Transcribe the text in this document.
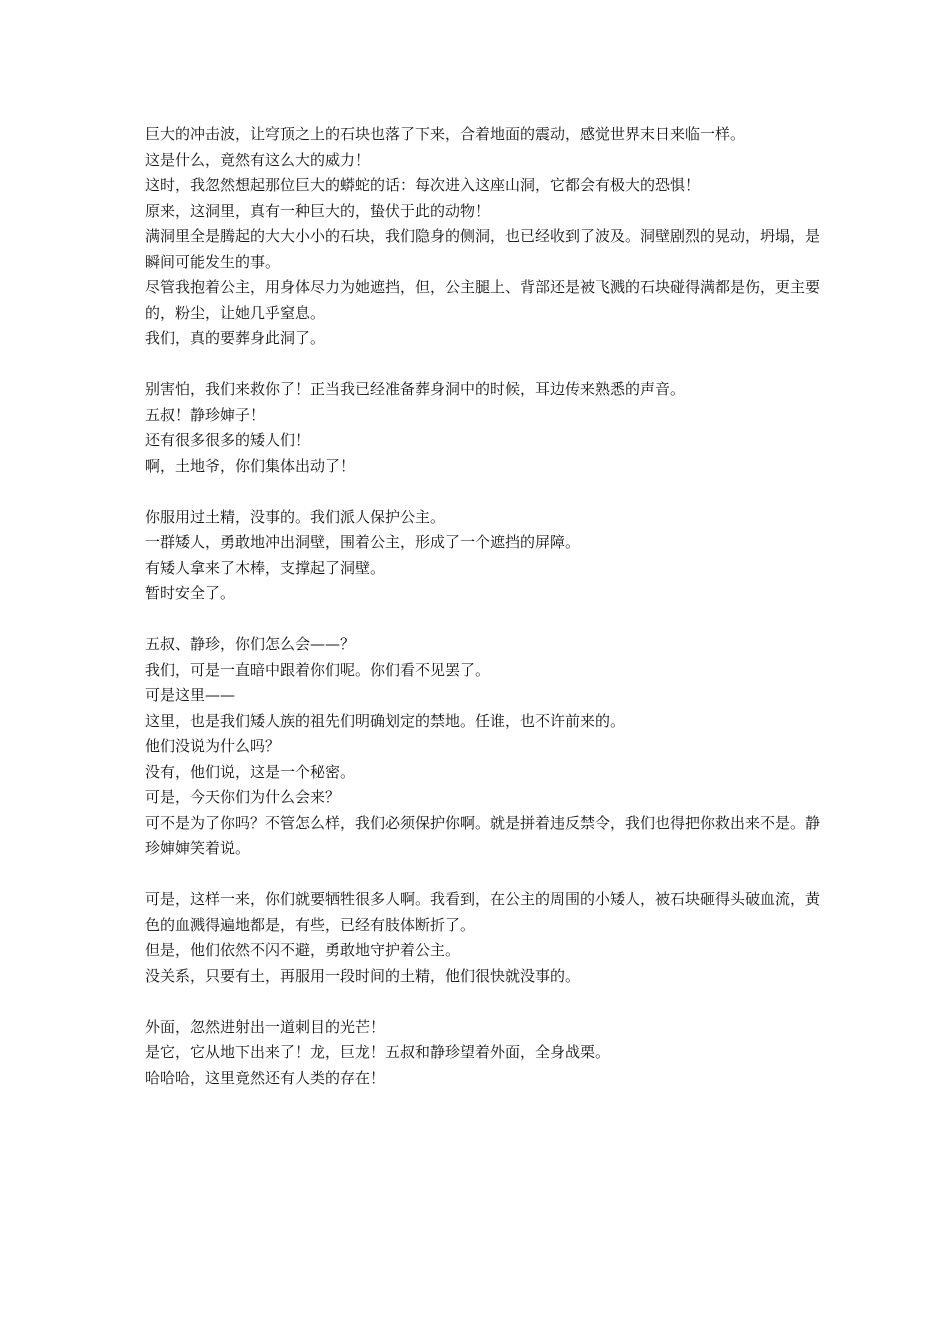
巨大的冲击波，让穹顶之上的石块也落了下来，合着地面的震动，感觉世界末日来临一样。

这是什么，竟然有这么大的威力！

这时，我忽然想起那位巨大的蟒蛇的话：每次进入这座山洞，它都会有极大的恐惧！

原来，这洞里，真有一种巨大的，蛰伏于此的动物！

满洞里全是腾起的大大小小的石块，我们隐身的侧洞，也已经收到了波及。洞壁剧烈的晃动，坍塌，是瞬间可能发生的事。

尽管我抱着公主，用身体尽力为她遮挡，但，公主腿上、背部还是被飞溅的石块碰得满都是伤，更主要的，粉尘，让她几乎窒息。

我们，真的要葬身此洞了。

别害怕，我们来救你了！正当我已经准备葬身洞中的时候，耳边传来熟悉的声音。

五叔！静珍婶子！

还有很多很多的矮人们！

啊，土地爷，你们集体出动了！

你服用过土精，没事的。我们派人保护公主。

一群矮人，勇敢地冲出洞壁，围着公主，形成了一个遮挡的屏障。

有矮人拿来了木棒，支撑起了洞壁。

暂时安全了。

五叔、静珍，你们怎么会——？

我们，可是一直暗中跟着你们呢。你们看不见罢了。

可是这里——

这里，也是我们矮人族的祖先们明确划定的禁地。任谁，也不许前来的。

他们没说为什么吗？

没有，他们说，这是一个秘密。

可是，今天你们为什么会来？

可不是为了你吗？不管怎么样，我们必须保护你啊。就是拼着违反禁令，我们也得把你救出来不是。静珍婶婶笑着说。

可是，这样一来，你们就要牺牲很多人啊。我看到，在公主的周围的小矮人，被石块砸得头破血流，黄色的血溅得遍地都是，有些，已经有肢体断折了。

但是，他们依然不闪不避，勇敢地守护着公主。

没关系，只要有土，再服用一段时间的土精，他们很快就没事的。

外面，忽然进射出一道刺目的光芒！

是它，它从地下出来了！龙，巨龙！五叔和静珍望着外面，全身战栗。

哈哈哈，这里竟然还有人类的存在！
